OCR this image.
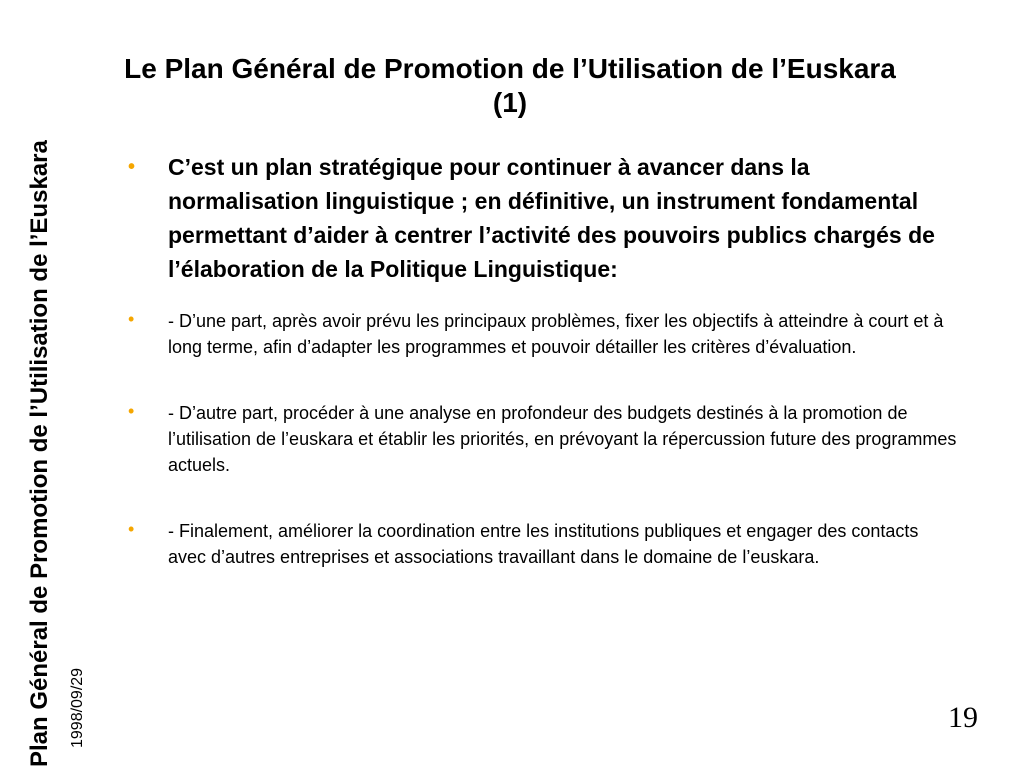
Plan Général de Promotion de l’Utilisation de l’Euskara 1998/09/29
Le Plan Général de Promotion de l’Utilisation de l’Euskara (1)
• C’est un plan stratégique pour continuer à avancer dans la normalisation linguistique ; en définitive, un instrument fondamental permettant d’aider à centrer l’activité des pouvoirs publics chargés de l’élaboration de la Politique Linguistique:
• - D’une part, après avoir prévu les principaux problèmes, fixer les objectifs à atteindre à court et à long terme, afin d’adapter les programmes et pouvoir détailler les critères d’évaluation.
• - D’autre part, procéder à une analyse en profondeur des budgets destinés à la promotion de l’utilisation de l’euskara et établir les priorités, en prévoyant la répercussion future des programmes actuels.
• - Finalement, améliorer la coordination entre les institutions publiques et engager des contacts avec d’autres entreprises et associations travaillant dans le domaine de l’euskara.
19
